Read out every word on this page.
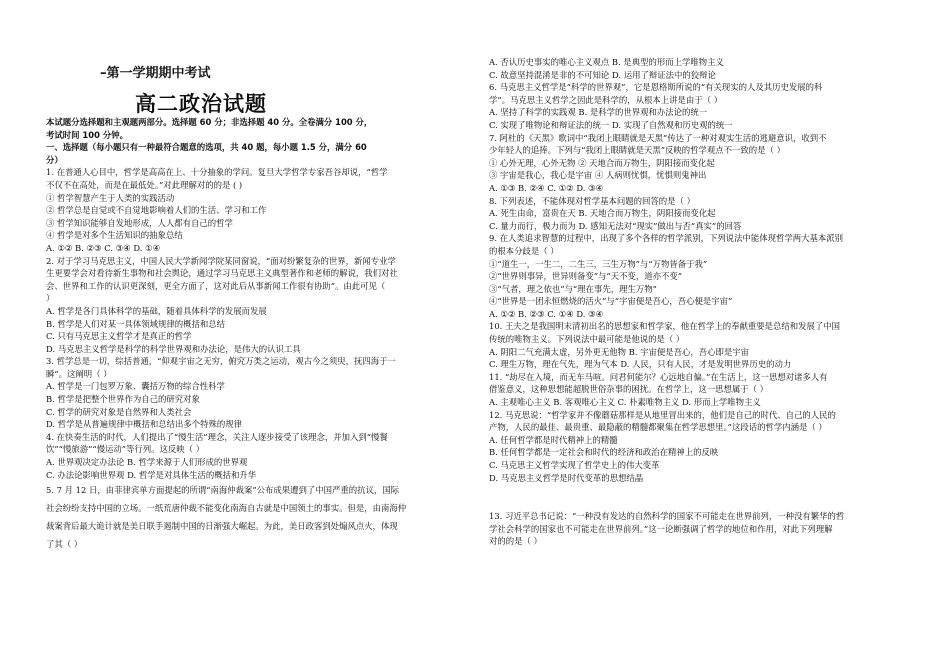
–第一学期期中考试
高二政治试题
本试题分选择题和主观题两部分。选择题 60 分；非选择题 40 分。全卷满分 100 分，
考试时间 100 分钟。
一、选择题（每小题只有一种最符合题意的选项，共 40 题，每小题 1.5 分，满分 60
分）
1. 在普通人心目中，哲学是高高在上、十分抽象的学问。复旦大学哲学专家吾谷却说，“哲学
不仅不在高处，而是在最低处。”对此理解对的的是 ( )
① 哲学智慧产生于人类的实践活动
② 哲学总是自觉或不自觉地影响着人们的生活、学习和工作
③ 哲学知识能够自发地形成，人人都有自己的哲学
④ 哲学是对多个生活知识的抽象总结
A. ①② B. ②③ C. ③④ D. ①④
2. 对于学习马克思主义，中国人民大学新闻学院某同窗说，“面对纷繁复杂的世界，新闻专业学
生更要学会对看待新生事物和社会舆论，通过学习马克思主义典型著作和老师的解说，我们对社
会、世界和工作的认识更深刻，更全方面了，这对此后从事新闻工作很有协助”。由此可见（
）
A. 哲学是各门具体科学的基础，随着具体科学的发展而发展
B. 哲学是人们对某一具体领域规律的概括和总结
C. 只有马克思主义哲学才是真正的哲学
D. 马克思主义哲学是科学的科学世界观和办法论，是伟大的认识工具
3. 哲学总是一切，综括普通，“仰观宇宙之无穷，俯究万类之运动，观古今之须臾，抚四海于一
瞬”。这阐明（ ）
A. 哲学是一门包罗万象、囊括万物的综合性科学
B. 哲学是把整个世界作为自己的研究对象
C. 哲学的研究对象是自然界和人类社会
D. 哲学是从普遍规律中概括和总结出多个特殊的规律
4. 在快奏生活的时代，人们提出了“慢生活”理念，关注人逐步接受了该理念，并加入到“慢餐
饮”“慢旅游”“慢运动”等行列。这反映（ ）
A. 世界观决定办法论 B. 哲学来源于人们形成的世界观
C. 办法论影响世界观 D. 哲学是对具体生活的概括和升华
5. 7 月 12 日，由菲律宾单方面提起的所谓“南海仲裁案”公布成果遭到了中国严重的抗议，国际
社会纷纷支持中国的立场。一纸荒唐仲裁不能变化南海自古就是中国领土的事实。但是，由南海仲
裁案背后最大诡计就是美日联手遏制中国的日渐强大崛起。为此，美日政客到处煽风点火，体现
了其（ ）
A. 否认历史事实的唯心主义观点 B. 是典型的形而上学唯物主义
C. 故意坚持混淆是非的不可知论 D. 运用了辩证法中的狡辩论
6. 马克思主义哲学是“科学的世界观”，它是恩格斯所说的“有关现实的人及其历史发展的科
学”。马克思主义哲学之因此是科学的，从根本上讲是由于（ ）
A. 坚持了科学的实践观 B. 是科学的世界观和办法论的统一
C. 实现了唯物论和辩证法的统一 D. 实现了自然观和历史观的统一
7. 阿杜的《天黑》歌词中“我闭上眼睛就是天黑”传达了一种对观实生活的逃避意识，收到不
少年轻人的追捧。下列与“我闭上眼睛就是天黑”反映的哲学观点不一致的是（ ）
① 心外无理，心外无物 ② 天地合而万物生，阴阳接而变化起
③ 宇宙是我心，我心是宇宙 ④ 人病则忧惧，忧惧则鬼神出
A. ①③ B. ②④ C. ①② D. ③④
8. 下列表述，不能体现对哲学基本问题的回答的是（ ）
A. 死生由命，富贵在天 B. 天地合而万物生，阴阳接而变化起
C. 量力而行，极力而为 D. 感知无法对“现实”做出与否“真实”的回答
9. 在人类追求智慧的过程中，出现了多个各样的哲学派别，下列说法中能体现哲学两大基本派别
的根本分歧是（ ）
①“道生一，一生二，二生三，三生万物”与“万物皆备于我”
②“世界则事异，世异则备变”与“天不变，道亦不变”
③“气者，理之依也”与“理在事先，理生万物”
④“世界是一团永恒燃烧的活火”与“宇宙便是吾心，吾心便是宇宙”
A. ①② B. ②③ C. ①④ D. ③④
10. 王夫之是我国明末清初出名的思想家和哲学家，他在哲学上的奉献重要是总结和发展了中国
传统的唯物主义。下列说法中最可能是他说的是（ ）
A. 阴阳二气充满太虚，另外更无他物 B. 宇宙便是吾心，吾心即是宇宙
C. 理生万物，理在气先，理为气本 D. 人民，只有人民，才是发明世界历史的动力
11. “劫尽在入境，而无车马喧。问君何能尔？心远地自偏。”在生活上，这一思想对诸多人有
借鉴意义，这种思想能超脱世俗杂事的困扰。在哲学上，这一思想属于（ ）
A. 主观唯心主义 B. 客观唯心主义 C. 朴素唯物主义 D. 形而上学唯物主义
12. 马克思说：“哲学家并不像蘑菇那样是从地里冒出来的，他们是自己的时代、自己的人民的
产物，人民的最佳、最贵重、最隐蔽的精髓都聚集在哲学思想里。”这段话的哲学内涵是（ ）
A. 任何哲学都是时代精神上的精髓
B. 任何哲学都是一定社会和时代的经济和政治在精神上的反映
C. 马克思主义哲学实现了哲学史上的伟大变革
D. 马克思主义哲学是时代变革的思想结晶
13. 习近平总书记说：“一种没有发达的自然科学的国家不可能走在世界前列，一种没有繁华的哲
学社会科学的国家也不可能走在世界前列。”这一论断强调了哲学的地位和作用，对此下列理解
对的的是（ ）
